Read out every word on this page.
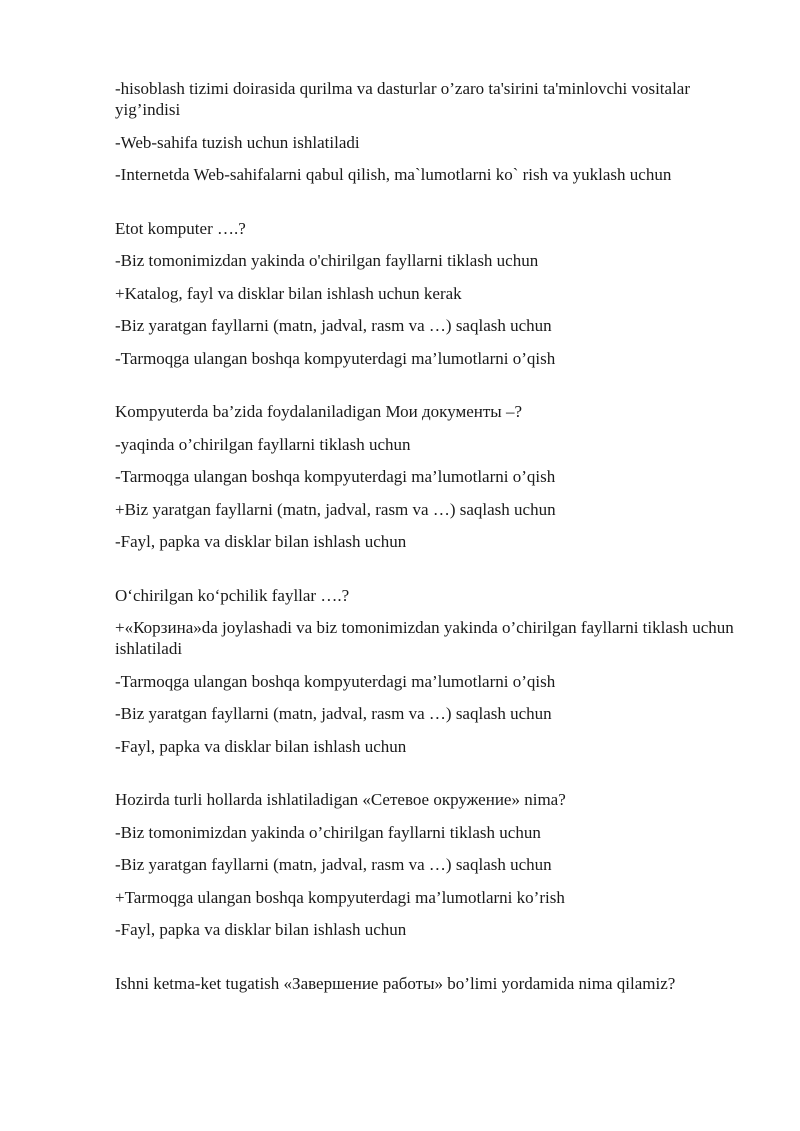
-hisoblash tizimi doirasida qurilma va dasturlar o’zaro ta'sirini ta'minlovchi vositalar yig’indisi

-Web-sahifa tuzish uchun ishlatiladi

-Internetda Web-sahifalarni qabul qilish, ma`lumotlarni ko` rish va yuklash uchun

Etot komputer ….?

-Biz tomonimizdan yakinda o'chirilgan fayllarni tiklash uchun

+Katalog, fayl va disklar bilan ishlash uchun kerak

-Biz yaratgan fayllarni (matn, jadval, rasm va …) saqlash uchun

-Tarmoqga ulangan boshqa kompyuterdagi ma’lumotlarni o’qish

Kompyuterda ba’zida foydalaniladigan Мои документы –?

-yaqinda o’chirilgan fayllarni tiklash uchun

-Tarmoqga ulangan boshqa kompyuterdagi ma’lumotlarni o’qish

+Biz yaratgan fayllarni (matn, jadval, rasm va …) saqlash uchun

-Fayl, papka va disklar bilan ishlash uchun

O‘chirilgan ko‘pchilik fayllar ….?

+«Корзина»da joylashadi va biz tomonimizdan yakinda o’chirilgan fayllarni tiklash uchun ishlatiladi

-Tarmoqga ulangan boshqa kompyuterdagi ma’lumotlarni o’qish

-Biz yaratgan fayllarni (matn, jadval, rasm va …) saqlash uchun

-Fayl, papka va disklar bilan ishlash uchun

Hozirda turli hollarda ishlatiladigan «Сетевое окружение» nima?

-Biz tomonimizdan yakinda o’chirilgan fayllarni tiklash uchun

-Biz yaratgan fayllarni (matn, jadval, rasm va …) saqlash uchun

+Tarmoqga ulangan boshqa kompyuterdagi ma’lumotlarni ko’rish

-Fayl, papka va disklar bilan ishlash uchun

Ishni ketma-ket tugatish «Завершение работы» bo’limi yordamida nima qilamiz?
